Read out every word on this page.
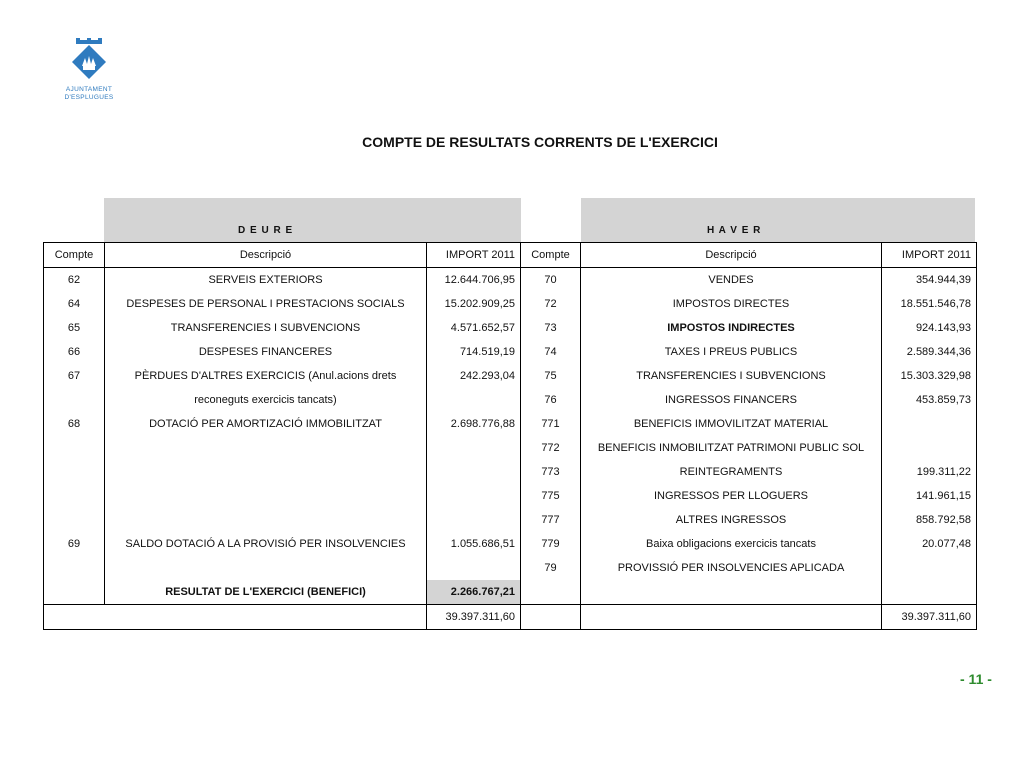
AJUNTAMENT
D'ESPLUGUES
COMPTE DE RESULTATS CORRENTS DE L'EXERCICI
D E U R E	H A V E R
Compte	Descripció	IMPORT 2011	Compte	Descripció	IMPORT 2011
62	SERVEIS EXTERIORS	12.644.706,95	70	VENDES	354.944,39
64	DESPESES DE PERSONAL I PRESTACIONS SOCIALS	15.202.909,25	72	IMPOSTOS DIRECTES	18.551.546,78
65	TRANSFERENCIES I SUBVENCIONS	4.571.652,57	73	IMPOSTOS INDIRECTES	924.143,93
66	DESPESES FINANCERES	714.519,19	74	TAXES I PREUS PUBLICS	2.589.344,36
67	PÈRDUES D'ALTRES EXERCICIS (Anul.acions drets	242.293,04	75	TRANSFERENCIES I SUBVENCIONS	15.303.329,98
	reconeguts exercicis tancats)		76	INGRESSOS FINANCERS	453.859,73
68	DOTACIÓ PER AMORTIZACIÓ IMMOBILITZAT	2.698.776,88	771	BENEFICIS IMMOVILITZAT MATERIAL	
			772	BENEFICIS INMOBILITZAT PATRIMONI PUBLIC SOL	
			773	REINTEGRAMENTS	199.311,22
			775	INGRESSOS PER LLOGUERS	141.961,15
			777	ALTRES INGRESSOS	858.792,58
69	SALDO DOTACIÓ A LA PROVISIÓ PER INSOLVENCIES	1.055.686,51	779	Baixa obligacions exercicis tancats	20.077,48
			79	PROVISSIÓ PER INSOLVENCIES APLICADA	
	RESULTAT DE L'EXERCICI (BENEFICI)	2.266.767,21			
		39.397.311,60			39.397.311,60
- 11 -
